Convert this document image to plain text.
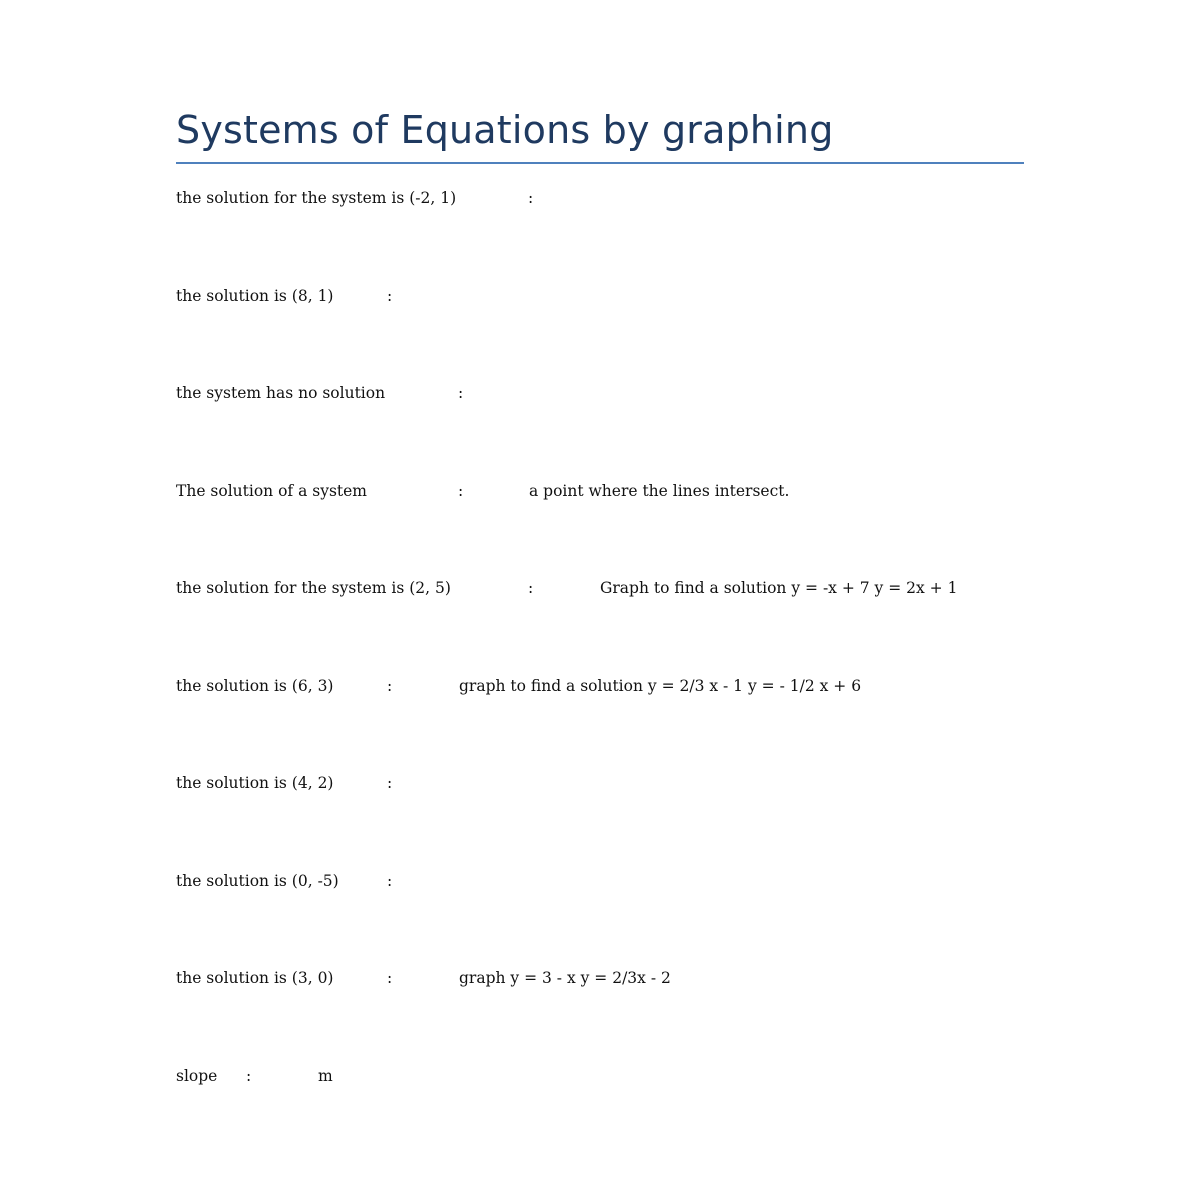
Systems of Equations by graphing
the solution for the system is (-2, 1)	:
the solution is (8, 1)	:
the system has no solution	:
The solution of a system	:	a point where the lines intersect.
the solution for the system is (2, 5)	:	Graph to find a solution y = -x + 7 y = 2x + 1
the solution is (6, 3)	:	graph to find a solution y = 2/3 x - 1 y = - 1/2 x + 6
the solution is (4, 2)	:
the solution is (0, -5)	:
the solution is (3, 0)	:	graph y = 3 - x y = 2/3x - 2
slope :	m
